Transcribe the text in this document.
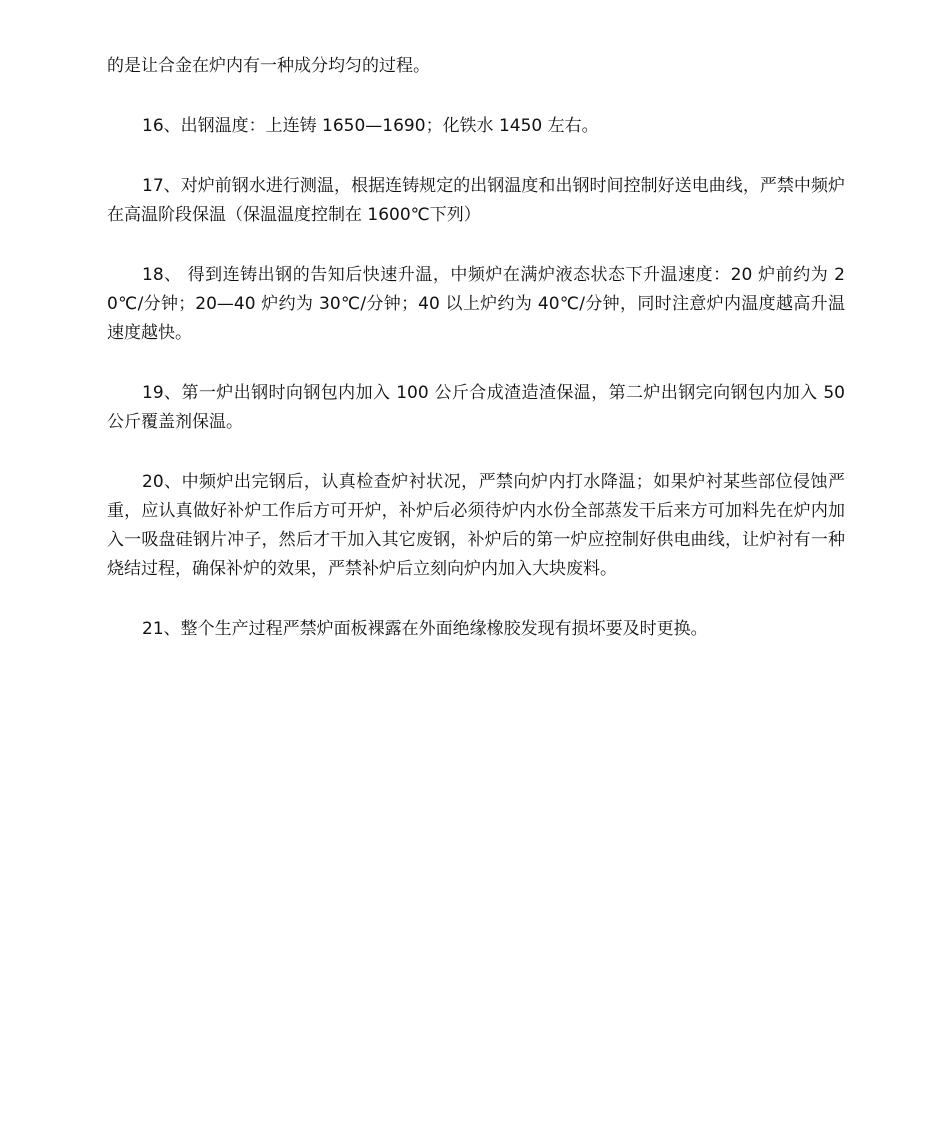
的是让合金在炉内有一种成分均匀的过程。

16、出钢温度：上连铸 1650—1690；化铁水 1450 左右。

17、对炉前钢水进行测温，根据连铸规定的出钢温度和出钢时间控制好送电曲线，严禁中频炉在高温阶段保温（保温温度控制在 1600℃下列）

18、 得到连铸出钢的告知后快速升温，中频炉在满炉液态状态下升温速度：20 炉前约为 20℃/分钟；20—40 炉约为 30℃/分钟；40 以上炉约为 40℃/分钟，同时注意炉内温度越高升温速度越快。

19、第一炉出钢时向钢包内加入 100 公斤合成渣造渣保温，第二炉出钢完向钢包内加入 50 公斤覆盖剂保温。

20、中频炉出完钢后，认真检查炉衬状况，严禁向炉内打水降温；如果炉衬某些部位侵蚀严重，应认真做好补炉工作后方可开炉，补炉后必须待炉内水份全部蒸发干后来方可加料先在炉内加入一吸盘硅钢片冲子，然后才干加入其它废钢，补炉后的第一炉应控制好供电曲线，让炉衬有一种烧结过程，确保补炉的效果，严禁补炉后立刻向炉内加入大块废料。

21、整个生产过程严禁炉面板裸露在外面绝缘橡胶发现有损坏要及时更换。
